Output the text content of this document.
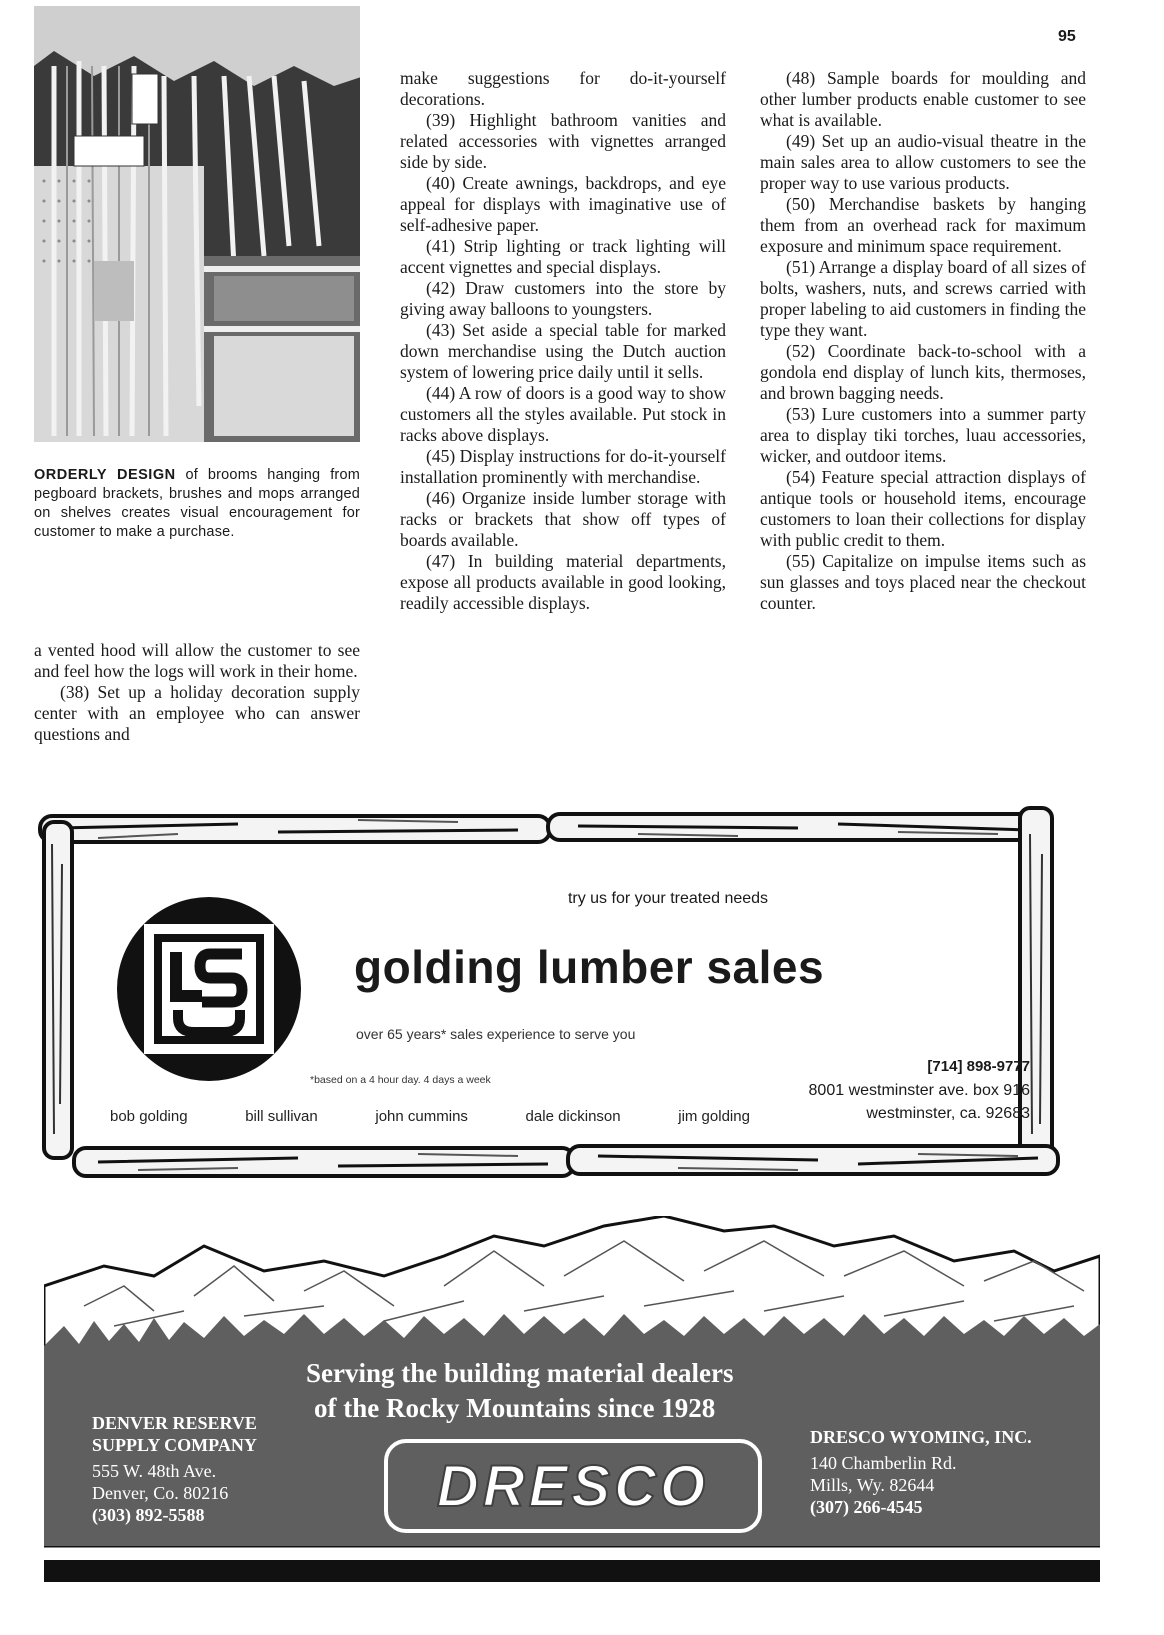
95
ORDERLY DESIGN of brooms hanging from pegboard brackets, brushes and mops arranged on shelves creates visual encouragement for customer to make a purchase.

a vented hood will allow the customer to see and feel how the logs will work in their home.

(38) Set up a holiday decoration supply center with an employee who can answer questions and

make suggestions for do-it-yourself decorations.

(39) Highlight bathroom vanities and related accessories with vignettes arranged side by side.

(40) Create awnings, backdrops, and eye appeal for displays with imaginative use of self-adhesive paper.

(41) Strip lighting or track lighting will accent vignettes and special displays.

(42) Draw customers into the store by giving away balloons to youngsters.

(43) Set aside a special table for marked down merchandise using the Dutch auction system of lowering price daily until it sells.

(44) A row of doors is a good way to show customers all the styles available. Put stock in racks above displays.

(45) Display instructions for do-it-yourself installation prominently with merchandise.

(46) Organize inside lumber storage with racks or brackets that show off types of boards available.

(47) In building material departments, expose all products available in good looking, readily accessible displays.

(48) Sample boards for moulding and other lumber products enable customer to see what is available.

(49) Set up an audio-visual theatre in the main sales area to allow customers to see the proper way to use various products.

(50) Merchandise baskets by hanging them from an overhead rack for maximum exposure and minimum space requirement.

(51) Arrange a display board of all sizes of bolts, washers, nuts, and screws carried with proper labeling to aid customers in finding the type they want.

(52) Coordinate back-to-school with a gondola end display of lunch kits, thermoses, and brown bagging needs.

(53) Lure customers into a summer party area to display tiki torches, luau accessories, wicker, and outdoor items.

(54) Feature special attraction displays of antique tools or household items, encourage customers to loan their collections for display with public credit to them.

(55) Capitalize on impulse items such as sun glasses and toys placed near the checkout counter.

try us for your treated needs
golding lumber sales
over 65 years* sales experience to serve you
*based on a 4 hour day. 4 days a week
[714] 898-9777
8001 westminster ave. box 916
westminster, ca. 92683
bob golding	bill sullivan	john cummins	dale dickinson	jim golding
Serving the building material dealers
of the Rocky Mountains since 1928
DENVER RESERVE
SUPPLY COMPANY
555 W. 48th Ave.
Denver, Co. 80216
(303) 892-5588	DRESCO
DRESCO WYOMING, INC.
140 Chamberlin Rd.
Mills, Wy. 82644
(307) 266-4545
